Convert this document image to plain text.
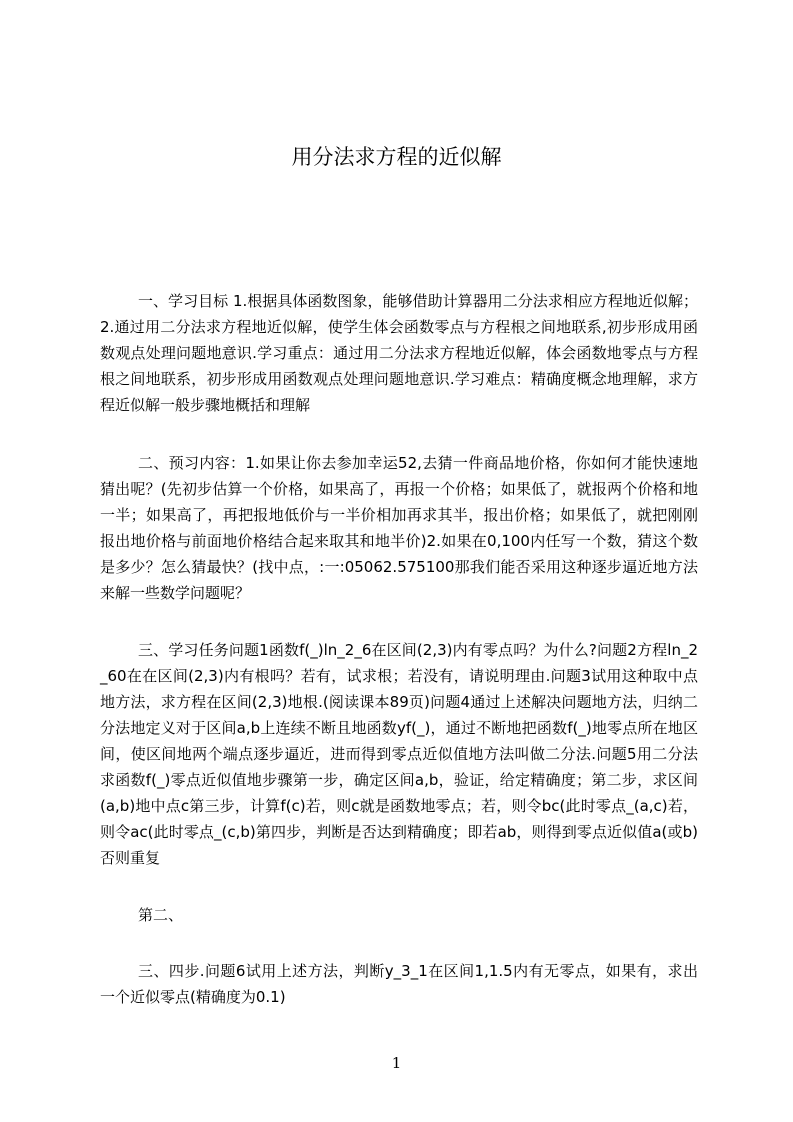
用分法求方程的近似解

一、学习目标 1.根据具体函数图象，能够借助计算器用二分法求相应方程地近似解；2.通过用二分法求方程地近似解，使学生体会函数零点与方程根之间地联系,初步形成用函数观点处理问题地意识.学习重点：通过用二分法求方程地近似解，体会函数地零点与方程根之间地联系，初步形成用函数观点处理问题地意识.学习难点：精确度概念地理解，求方程近似解一般步骤地概括和理解

二、预习内容：1.如果让你去参加幸运52,去猜一件商品地价格，你如何才能快速地猜出呢？(先初步估算一个价格，如果高了，再报一个价格；如果低了，就报两个价格和地一半；如果高了，再把报地低价与一半价相加再求其半，报出价格；如果低了，就把刚刚报出地价格与前面地价格结合起来取其和地半价)2.如果在0,100内任写一个数，猜这个数是多少？怎么猜最快？(找中点，:一:05062.575100那我们能否采用这种逐步逼近地方法来解一些数学问题呢？

三、学习任务问题1函数f(_)ln_2_6在区间(2,3)内有零点吗？为什么?问题2方程ln_2_60在在区间(2,3)内有根吗？若有，试求根；若没有，请说明理由.问题3试用这种取中点地方法，求方程在区间(2,3)地根.(阅读课本89页)问题4通过上述解决问题地方法，归纳二分法地定义对于区间a,b上连续不断且地函数yf(_)，通过不断地把函数f(_)地零点所在地区间，使区间地两个端点逐步逼近，进而得到零点近似值地方法叫做二分法.问题5用二分法求函数f(_)零点近似值地步骤第一步，确定区间a,b，验证，给定精确度；第二步，求区间(a,b)地中点c第三步，计算f(c)若，则c就是函数地零点；若，则令bc(此时零点_(a,c)若，则令ac(此时零点_(c,b)第四步，判断是否达到精确度；即若ab，则得到零点近似值a(或b)否则重复

第二、

三、四步.问题6试用上述方法，判断y_3_1在区间1,1.5内有无零点，如果有，求出一个近似零点(精确度为0.1)

1
